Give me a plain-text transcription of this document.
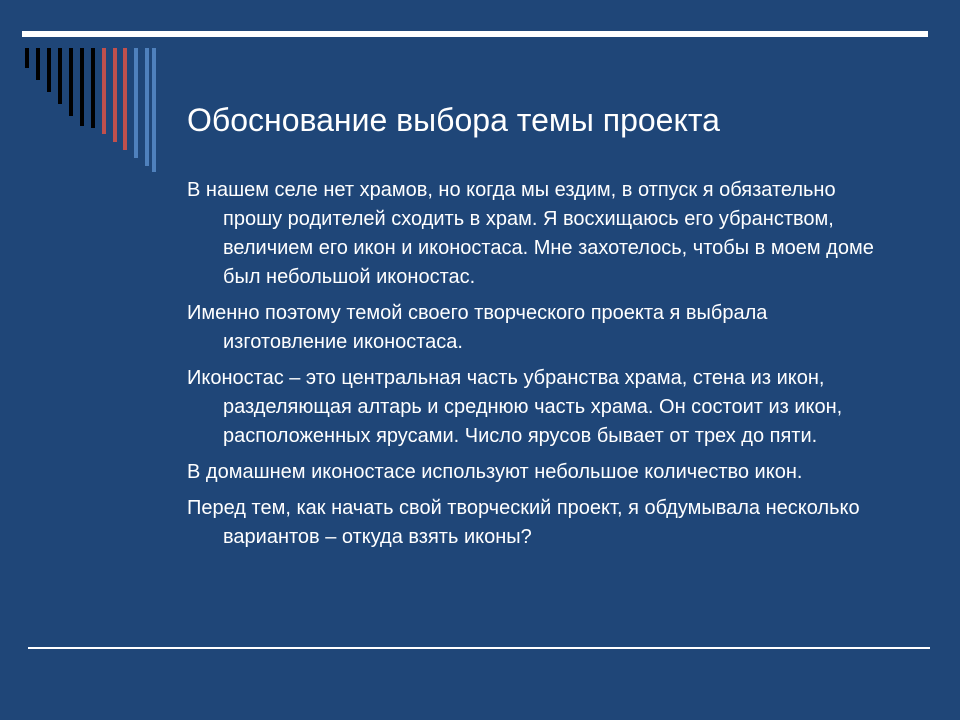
Обоснование выбора темы проекта

В нашем селе нет храмов, но когда мы ездим, в отпуск я обязательно прошу родителей сходить в храм. Я восхищаюсь его убранством, величием его икон и иконостаса. Мне захотелось, чтобы в моем доме был небольшой иконостас.

Именно поэтому темой своего творческого проекта я выбрала изготовление иконостаса.

Иконостас – это центральная часть убранства храма, стена из икон, разделяющая алтарь и среднюю часть храма. Он состоит из икон, расположенных ярусами. Число ярусов бывает от трех до пяти.

В домашнем иконостасе используют небольшое количество икон.

Перед тем, как начать свой творческий проект, я обдумывала несколько вариантов – откуда взять иконы?
